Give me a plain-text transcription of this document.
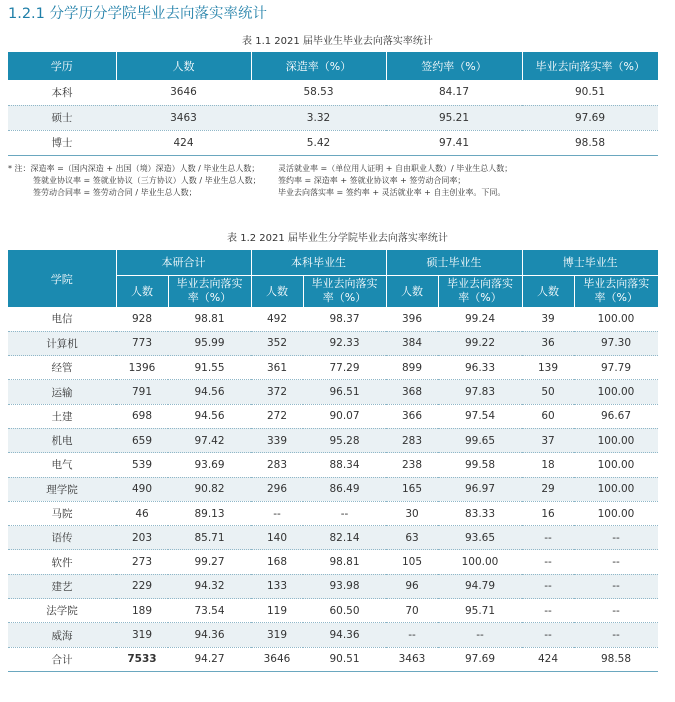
1.2.1 分学历分学院毕业去向落实率统计
表 1.1 2021 届毕业生毕业去向落实率统计
学历	人数	深造率（%）	签约率（%）	毕业去向落实率（%）
本科	3646	58.53	84.17	90.51
硕士	3463	3.32	95.21	97.69
博士	424	5.42	97.41	98.58
* 注：深造率 =（国内深造 + 出国（境）深造）人数 / 毕业生总人数；
签就业协议率 = 签就业协议（三方协议）人数 / 毕业生总人数；
签劳动合同率 = 签劳动合同 / 毕业生总人数；
灵活就业率 =（单位用人证明 + 自由职业人数）/ 毕业生总人数；
签约率 = 深造率 + 签就业协议率 + 签劳动合同率；
毕业去向落实率 = 签约率 + 灵活就业率 + 自主创业率。下同。
表 1.2 2021 届毕业生分学院毕业去向落实率统计
学院	本研合计		本科毕业生		硕士毕业生		博士毕业生	
	人数	毕业去向落实率（%）	人数	毕业去向落实率（%）	人数	毕业去向落实率（%）	人数	毕业去向落实率（%）
电信	928	98.81	492	98.37	396	99.24	39	100.00
计算机	773	95.99	352	92.33	384	99.22	36	97.30
经管	1396	91.55	361	77.29	899	96.33	139	97.79
运输	791	94.56	372	96.51	368	97.83	50	100.00
土建	698	94.56	272	90.07	366	97.54	60	96.67
机电	659	97.42	339	95.28	283	99.65	37	100.00
电气	539	93.69	283	88.34	238	99.58	18	100.00
理学院	490	90.82	296	86.49	165	96.97	29	100.00
马院	46	89.13	--	--	30	83.33	16	100.00
语传	203	85.71	140	82.14	63	93.65	--	--
软件	273	99.27	168	98.81	105	100.00	--	--
建艺	229	94.32	133	93.98	96	94.79	--	--
法学院	189	73.54	119	60.50	70	95.71	--	--
威海	319	94.36	319	94.36	--	--	--	--
合计	7533	94.27	3646	90.51	3463	97.69	424	98.58
